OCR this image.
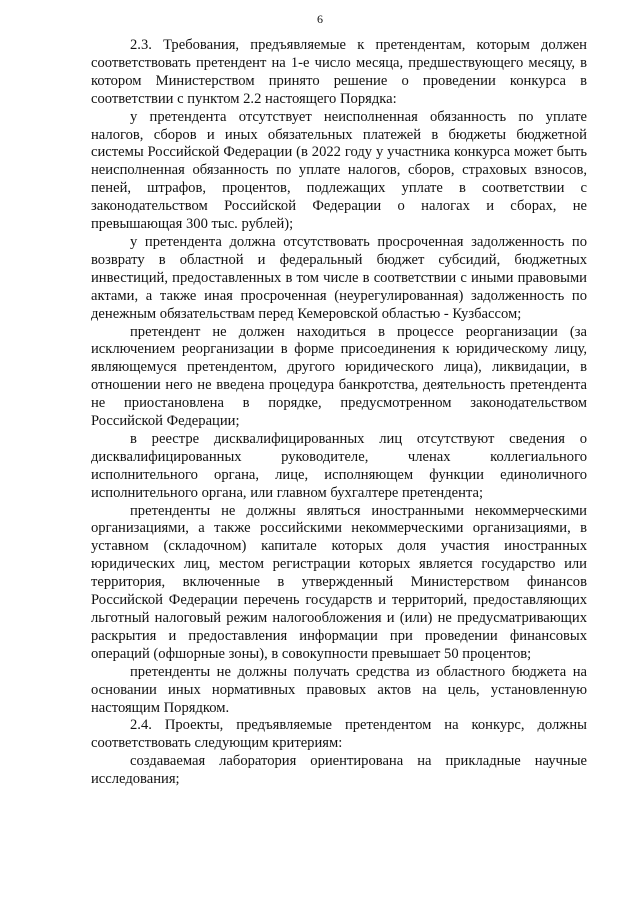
6

2.3. Требования, предъявляемые к претендентам, которым должен соответствовать претендент на 1-е число месяца, предшествующего месяцу, в котором Министерством принято решение о проведении конкурса в соответствии с пунктом 2.2 настоящего Порядка:

у претендента отсутствует неисполненная обязанность по уплате налогов, сборов и иных обязательных платежей в бюджеты бюджетной системы Российской Федерации (в 2022 году у участника конкурса может быть неисполненная обязанность по уплате налогов, сборов, страховых взносов, пеней, штрафов, процентов, подлежащих уплате в соответствии с законодательством Российской Федерации о налогах и сборах, не превышающая 300 тыс. рублей);

у претендента должна отсутствовать просроченная задолженность по возврату в областной и федеральный бюджет субсидий, бюджетных инвестиций, предоставленных в том числе в соответствии с иными правовыми актами, а также иная просроченная (неурегулированная) задолженность по денежным обязательствам перед Кемеровской областью - Кузбассом;

претендент не должен находиться в процессе реорганизации (за исключением реорганизации в форме присоединения к юридическому лицу, являющемуся претендентом, другого юридического лица), ликвидации, в отношении него не введена процедура банкротства, деятельность претендента не приостановлена в порядке, предусмотренном законодательством Российской Федерации;

в реестре дисквалифицированных лиц отсутствуют сведения о дисквалифицированных руководителе, членах коллегиального исполнительного органа, лице, исполняющем функции единоличного исполнительного органа, или главном бухгалтере претендента;

претенденты не должны являться иностранными некоммерческими организациями, а также российскими некоммерческими организациями, в уставном (складочном) капитале которых доля участия иностранных юридических лиц, местом регистрации которых является государство или территория, включенные в утвержденный Министерством финансов Российской Федерации перечень государств и территорий, предоставляющих льготный налоговый режим налогообложения и (или) не предусматривающих раскрытия и предоставления информации при проведении финансовых операций (офшорные зоны), в совокупности превышает 50 процентов;

претенденты не должны получать средства из областного бюджета на основании иных нормативных правовых актов на цель, установленную настоящим Порядком.

2.4. Проекты, предъявляемые претендентом на конкурс, должны соответствовать следующим критериям:

создаваемая лаборатория ориентирована на прикладные научные исследования;
